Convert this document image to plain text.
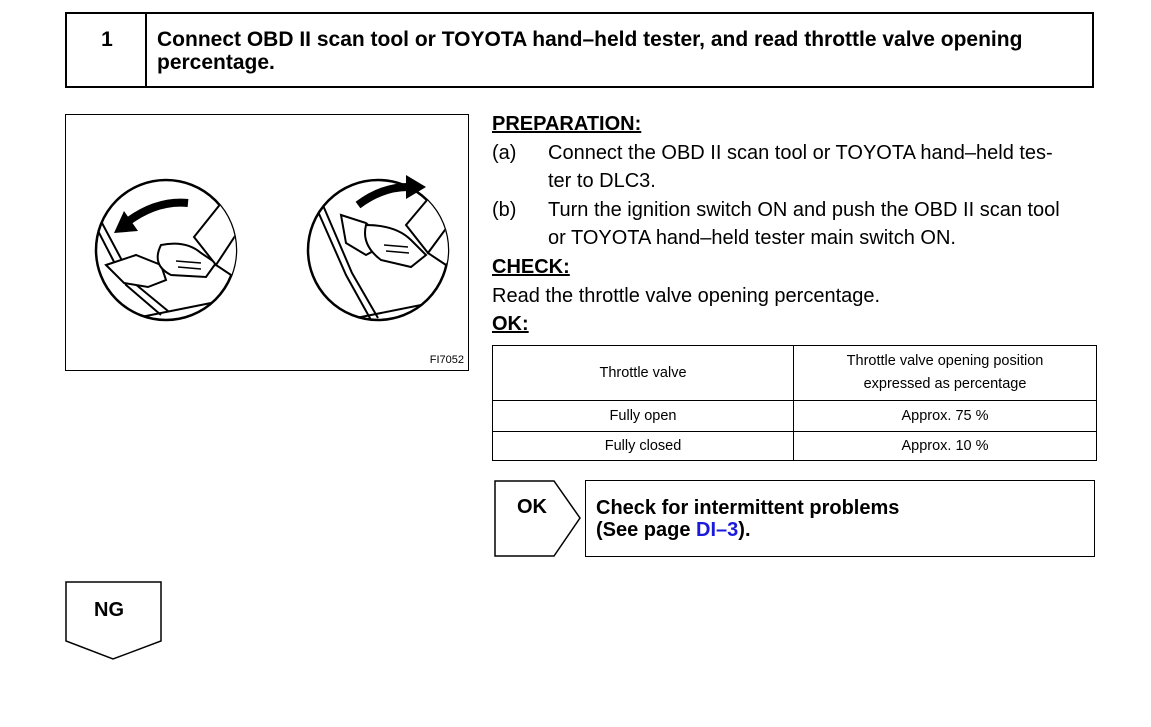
1	Connect OBD II scan tool or TOYOTA hand–held tester, and read throttle valve opening percentage.
FI7052
PREPARATION:
(a) Connect the OBD II scan tool or TOYOTA hand–held tes-
ter to DLC3.
(b) Turn the ignition switch ON and push the OBD II scan tool
or TOYOTA hand–held tester main switch ON.
CHECK:
Read the throttle valve opening percentage.
OK:
Throttle valve	Throttle valve opening position
expressed as percentage

Fully open	Approx. 75 %
Fully closed	Approx. 10 %
OK Check for intermittent problems
(See page DI–3).
NG
